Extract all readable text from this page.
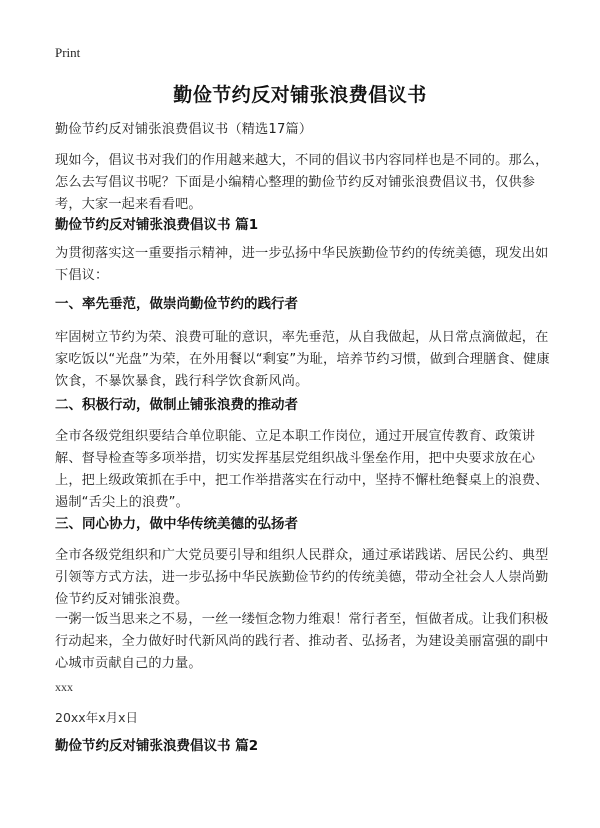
Print
勤俭节约反对铺张浪费倡议书
勤俭节约反对铺张浪费倡议书（精选17篇）
现如今，倡议书对我们的作用越来越大，不同的倡议书内容同样也是不同的。那么，怎么去写倡议书呢？下面是小编精心整理的勤俭节约反对铺张浪费倡议书，仅供参考，大家一起来看看吧。
勤俭节约反对铺张浪费倡议书 篇1
为贯彻落实这一重要指示精神，进一步弘扬中华民族勤俭节约的传统美德，现发出如下倡议：
一、率先垂范，做崇尚勤俭节约的践行者
牢固树立节约为荣、浪费可耻的意识，率先垂范，从自我做起，从日常点滴做起，在家吃饭以“光盘”为荣，在外用餐以“剩宴”为耻，培养节约习惯，做到合理膳食、健康饮食，不暴饮暴食，践行科学饮食新风尚。
二、积极行动，做制止铺张浪费的推动者
全市各级党组织要结合单位职能、立足本职工作岗位，通过开展宣传教育、政策讲解、督导检查等多项举措，切实发挥基层党组织战斗堡垒作用，把中央要求放在心上，把上级政策抓在手中，把工作举措落实在行动中，坚持不懈杜绝餐桌上的浪费、遏制“舌尖上的浪费”。
三、同心协力，做中华传统美德的弘扬者
全市各级党组织和广大党员要引导和组织人民群众，通过承诺践诺、居民公约、典型引领等方式方法，进一步弘扬中华民族勤俭节约的传统美德，带动全社会人人崇尚勤俭节约反对铺张浪费。
一粥一饭当思来之不易，一丝一缕恒念物力维艰！常行者至，恒做者成。让我们积极行动起来，全力做好时代新风尚的践行者、推动者、弘扬者，为建设美丽富强的副中心城市贡献自己的力量。
xxx
20xx年x月x日
勤俭节约反对铺张浪费倡议书 篇2
